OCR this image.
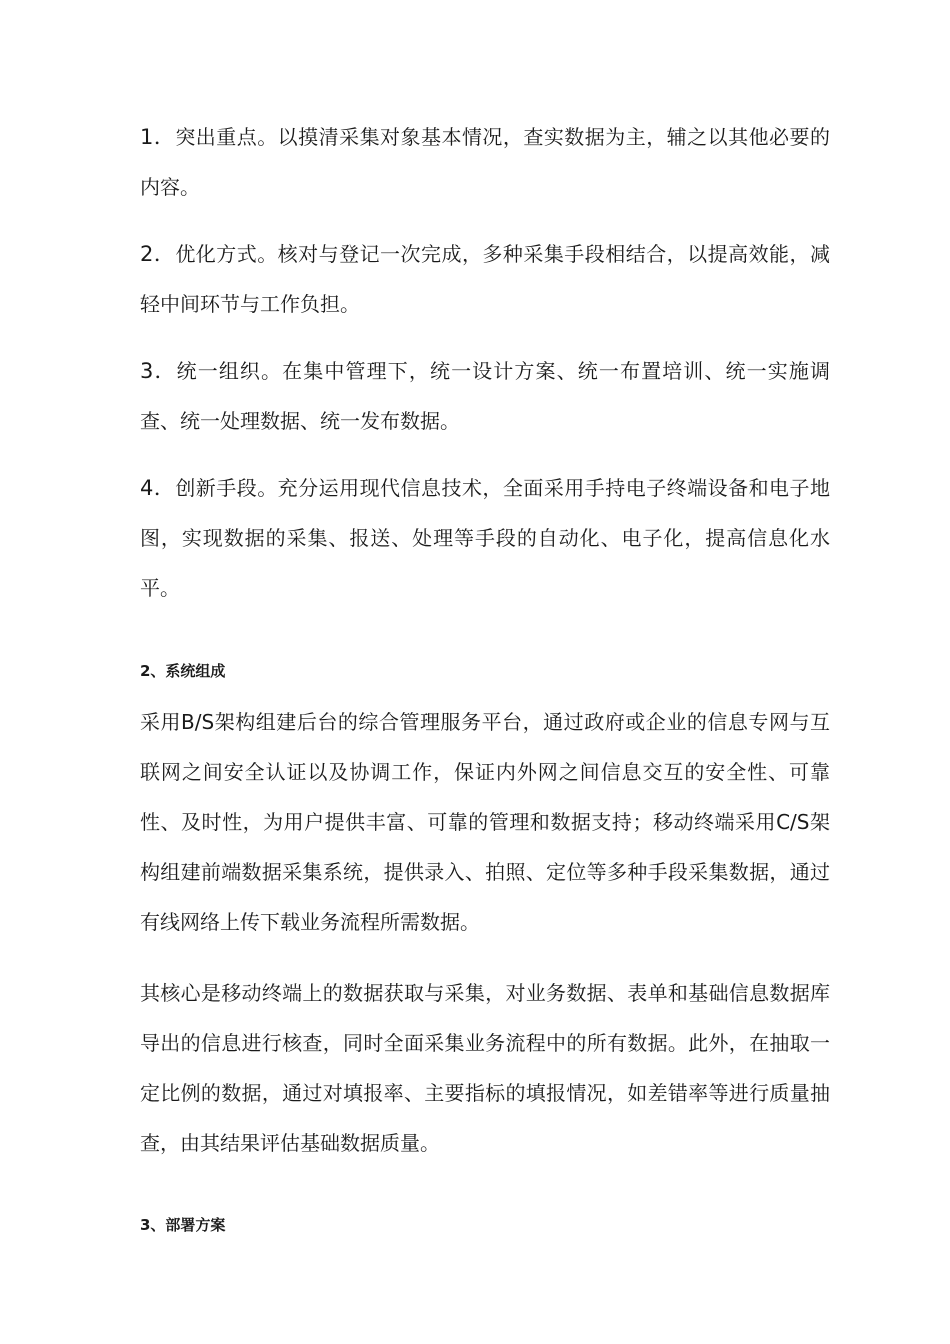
1．突出重点。以摸清采集对象基本情况，查实数据为主，辅之以其他必要的内容。

2．优化方式。核对与登记一次完成，多种采集手段相结合，以提高效能，减轻中间环节与工作负担。

3．统一组织。在集中管理下，统一设计方案、统一布置培训、统一实施调查、统一处理数据、统一发布数据。

4．创新手段。充分运用现代信息技术，全面采用手持电子终端设备和电子地图，实现数据的采集、报送、处理等手段的自动化、电子化，提高信息化水平。

2、系统组成

采用B/S架构组建后台的综合管理服务平台，通过政府或企业的信息专网与互联网之间安全认证以及协调工作，保证内外网之间信息交互的安全性、可靠性、及时性，为用户提供丰富、可靠的管理和数据支持；移动终端采用C/S架构组建前端数据采集系统，提供录入、拍照、定位等多种手段采集数据，通过有线网络上传下载业务流程所需数据。

其核心是移动终端上的数据获取与采集，对业务数据、表单和基础信息数据库导出的信息进行核查，同时全面采集业务流程中的所有数据。此外，在抽取一定比例的数据，通过对填报率、主要指标的填报情况，如差错率等进行质量抽查，由其结果评估基础数据质量。

3、部署方案
